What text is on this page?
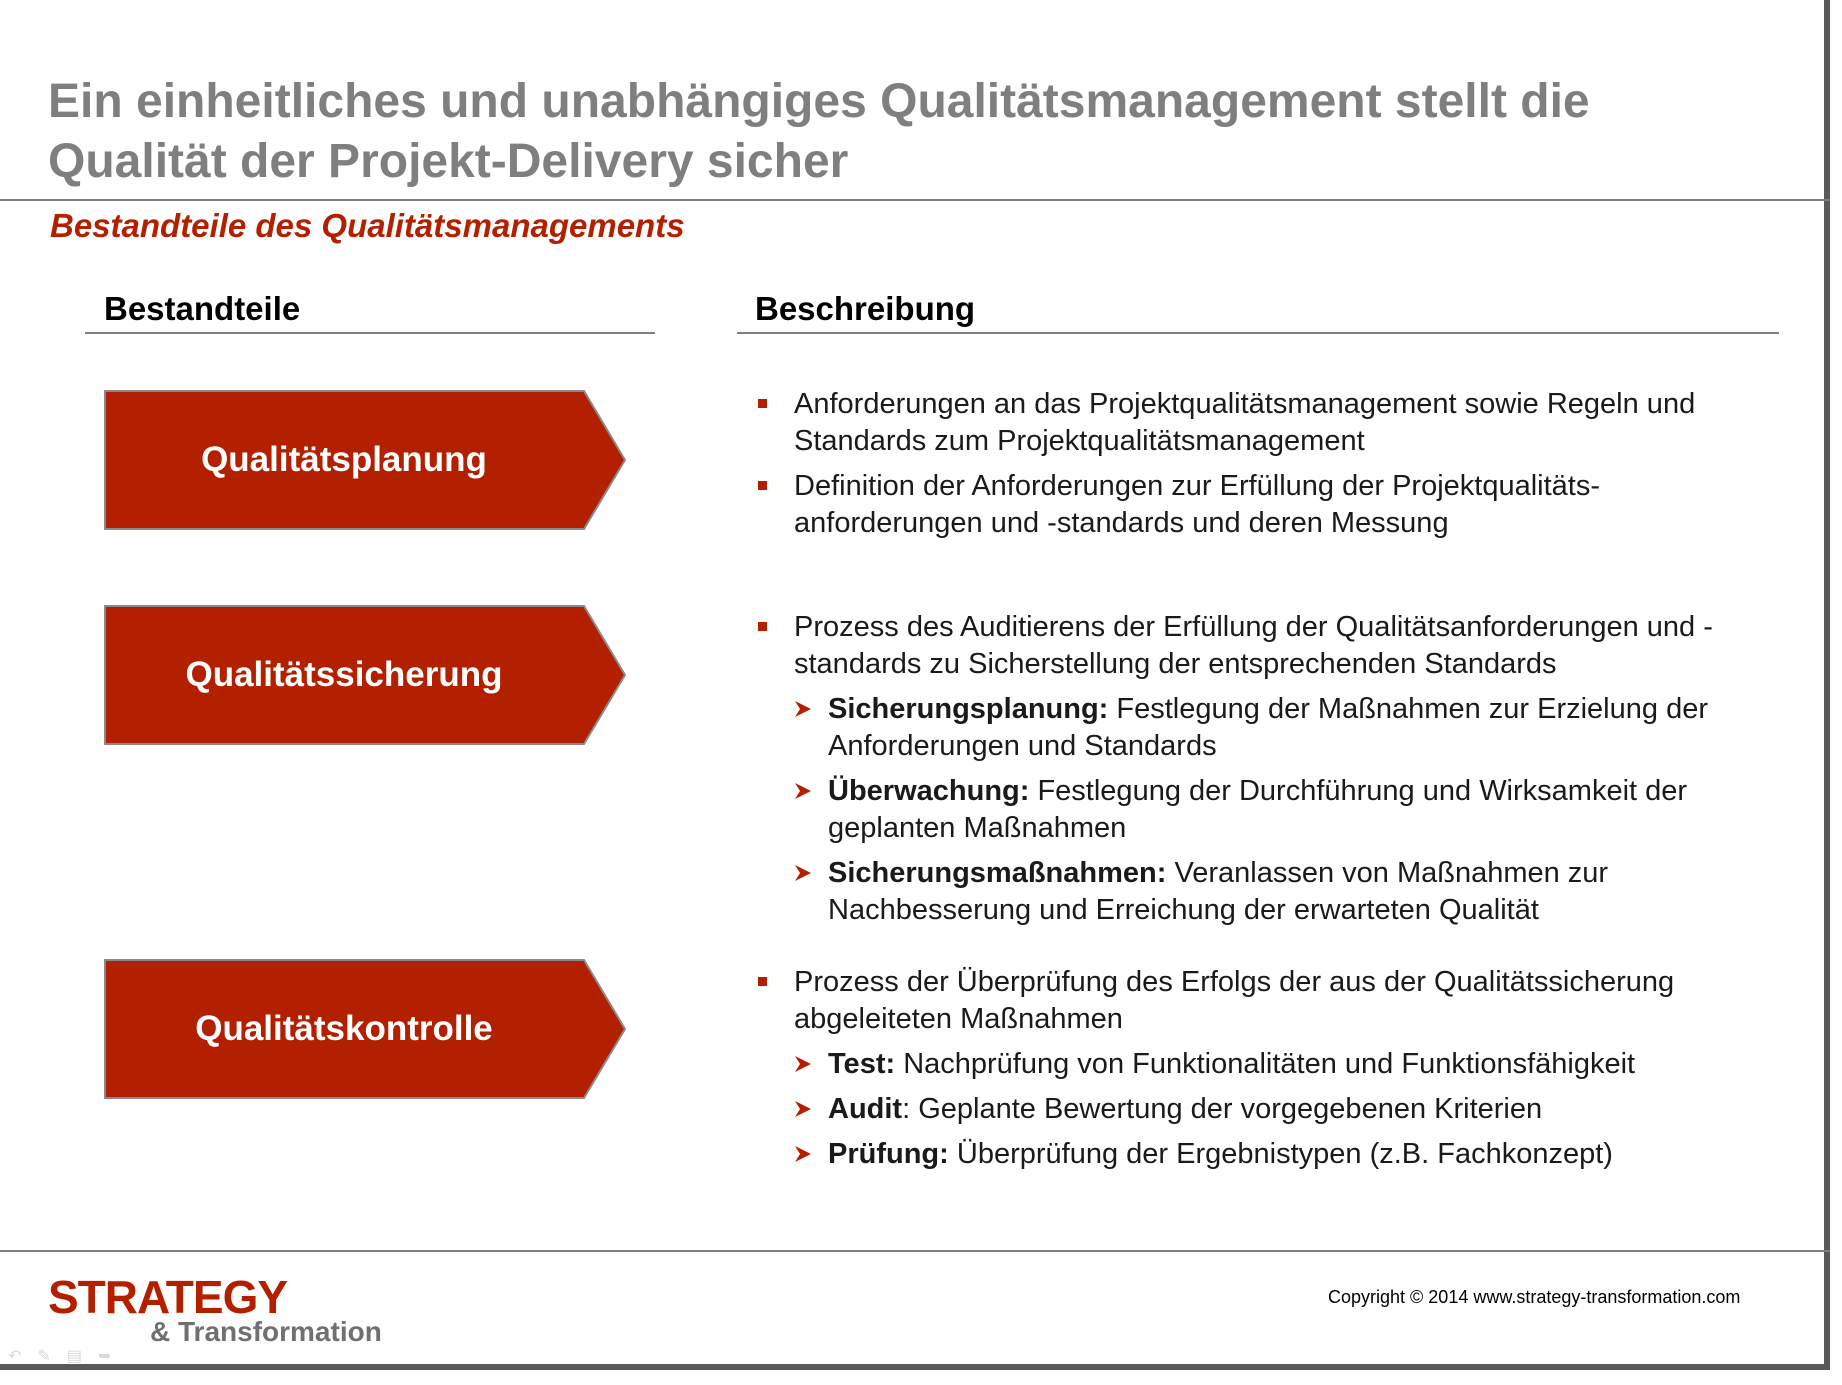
Ein einheitliches und unabhängiges Qualitätsmanagement stellt die
Qualität der Projekt-Delivery sicher
Bestandteile des Qualitätsmanagements
Bestandteile	Beschreibung
Qualitätsplanung
Anforderungen an das Projektqualitätsmanagement sowie Regeln und Standards zum Projektqualitätsmanagement
Definition der Anforderungen zur Erfüllung der Projektqualitäts-anforderungen und -standards und deren Messung
Qualitätssicherung
Prozess des Auditierens der Erfüllung der Qualitätsanforderungen und -standards zu Sicherstellung der entsprechenden Standards
Sicherungsplanung: Festlegung der Maßnahmen zur Erzielung der Anforderungen und Standards
Überwachung: Festlegung der Durchführung und Wirksamkeit der geplanten Maßnahmen
Sicherungsmaßnahmen: Veranlassen von Maßnahmen zur Nachbesserung und Erreichung der erwarteten Qualität
Qualitätskontrolle
Prozess der Überprüfung des Erfolgs der aus der Qualitätssicherung abgeleiteten Maßnahmen
Test: Nachprüfung von Funktionalitäten und Funktionsfähigkeit
Audit: Geplante Bewertung der vorgegebenen Kriterien
Prüfung: Überprüfung der Ergebnistypen (z.B. Fachkonzept)
STRATEGY
& Transformation
Copyright © 2014 www.strategy-transformation.com
↶ ✎ ▤ ➥
